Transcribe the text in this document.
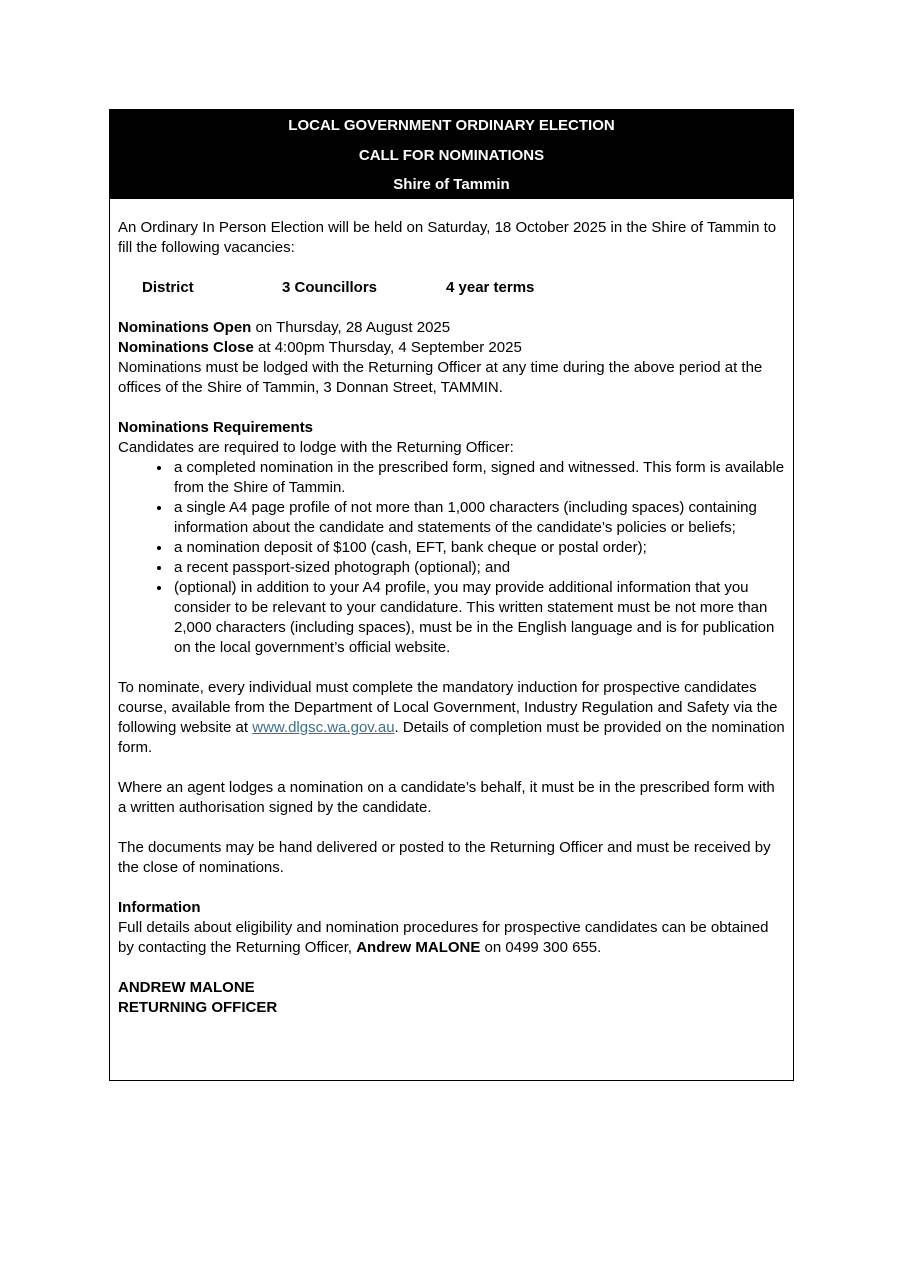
LOCAL GOVERNMENT ORDINARY ELECTION
CALL FOR NOMINATIONS
Shire of Tammin

An Ordinary In Person Election will be held on Saturday, 18 October 2025 in the Shire of Tammin to fill the following vacancies:

District	3 Councillors	4 year terms

Nominations Open on Thursday, 28 August 2025
Nominations Close at 4:00pm Thursday, 4 September 2025
Nominations must be lodged with the Returning Officer at any time during the above period at the offices of the Shire of Tammin, 3 Donnan Street, TAMMIN.

Nominations Requirements
Candidates are required to lodge with the Returning Officer:

• a completed nomination in the prescribed form, signed and witnessed. This form is available from the Shire of Tammin.
• a single A4 page profile of not more than 1,000 characters (including spaces) containing information about the candidate and statements of the candidate’s policies or beliefs;
• a nomination deposit of $100 (cash, EFT, bank cheque or postal order);
• a recent passport-sized photograph (optional); and
• (optional) in addition to your A4 profile, you may provide additional information that you consider to be relevant to your candidature. This written statement must be not more than 2,000 characters (including spaces), must be in the English language and is for publication on the local government’s official website.

To nominate, every individual must complete the mandatory induction for prospective candidates course, available from the Department of Local Government, Industry Regulation and Safety via the following website at www.dlgsc.wa.gov.au. Details of completion must be provided on the nomination form.

Where an agent lodges a nomination on a candidate’s behalf, it must be in the prescribed form with a written authorisation signed by the candidate.

The documents may be hand delivered or posted to the Returning Officer and must be received by the close of nominations.

Information
Full details about eligibility and nomination procedures for prospective candidates can be obtained by contacting the Returning Officer, Andrew MALONE on 0499 300 655.

ANDREW MALONE
RETURNING OFFICER
